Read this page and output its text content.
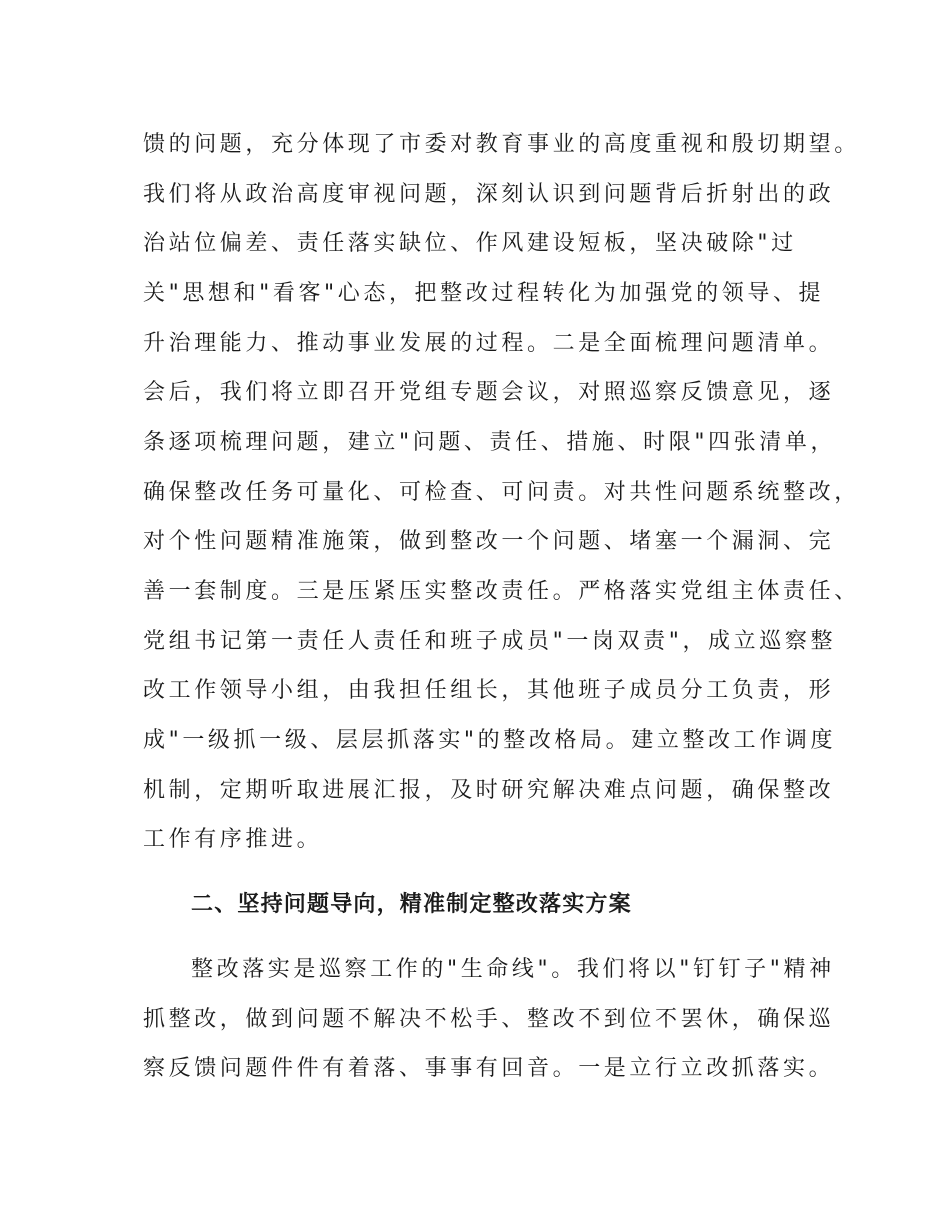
馈的问题，充分体现了市委对教育事业的高度重视和殷切期望。
我们将从政治高度审视问题，深刻认识到问题背后折射出的政
治站位偏差、责任落实缺位、作风建设短板，坚决破除"过
关"思想和"看客"心态，把整改过程转化为加强党的领导、提
升治理能力、推动事业发展的过程。二是全面梳理问题清单。
会后，我们将立即召开党组专题会议，对照巡察反馈意见，逐
条逐项梳理问题，建立"问题、责任、措施、时限"四张清单，
确保整改任务可量化、可检查、可问责。对共性问题系统整改，
对个性问题精准施策，做到整改一个问题、堵塞一个漏洞、完
善一套制度。三是压紧压实整改责任。严格落实党组主体责任、
党组书记第一责任人责任和班子成员"一岗双责"，成立巡察整
改工作领导小组，由我担任组长，其他班子成员分工负责，形
成"一级抓一级、层层抓落实"的整改格局。建立整改工作调度
机制，定期听取进展汇报，及时研究解决难点问题，确保整改
工作有序推进。
二、坚持问题导向，精准制定整改落实方案
整改落实是巡察工作的"生命线"。我们将以"钉钉子"精神
抓整改，做到问题不解决不松手、整改不到位不罢休，确保巡
察反馈问题件件有着落、事事有回音。一是立行立改抓落实。
